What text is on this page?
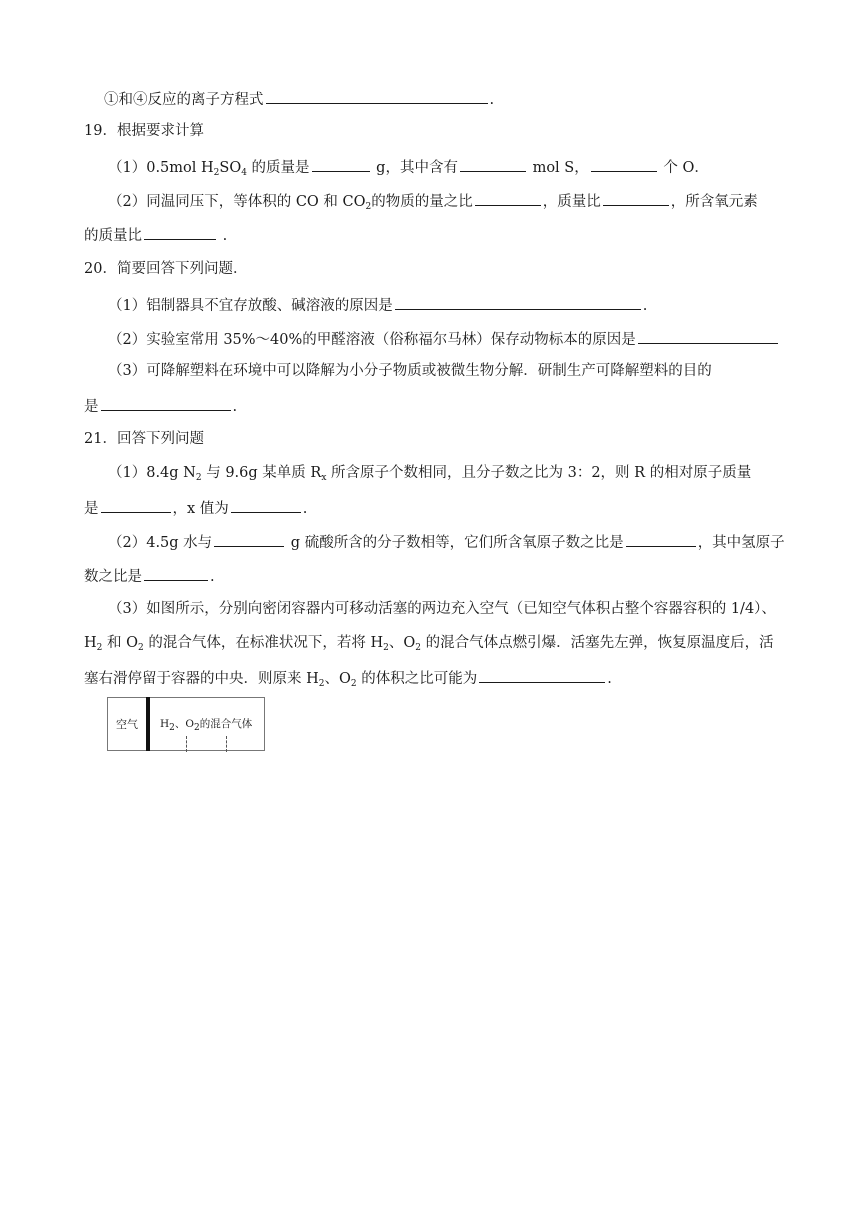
①和④反应的离子方程式	.
19．根据要求计算
（1）0.5mol $H_2SO_4$ 的质量是	g，其中含有	mol S，	个 O．
（2）同温同压下，等体积的 CO 和 $CO_2$的物质的量之比	，质量比	，所含氧元素
的质量比	.
20．简要回答下列问题．
（1）铝制器具不宜存放酸、碱溶液的原因是	.
（2）实验室常用 35%～40%的甲醛溶液（俗称福尔马林）保存动物标本的原因是
（3）可降解塑料在环境中可以降解为小分子物质或被微生物分解．研制生产可降解塑料的目的
是	.
21．回答下列问题
（1）8.4g $N_2$ 与 9.6g 某单质 $R_x$ 所含原子个数相同，且分子数之比为 3：2，则 R 的相对原子质量
是	，x 值为	.
（2）4.5g 水与	g 硫酸所含的分子数相等，它们所含氧原子数之比是	，其中氢原子
数之比是	.
（3）如图所示，分别向密闭容器内可移动活塞的两边充入空气（已知空气体积占整个容器容积的 1/4）、
$H_2$ 和 $O_2$ 的混合气体，在标准状况下，若将 $H_2$、$O_2$ 的混合气体点燃引爆．活塞先左弹，恢复原温度后，活
塞右滑停留于容器的中央．则原来 $H_2$、$O_2$ 的体积之比可能为	.
空气 $H_2$、$O_2$的混合气体
